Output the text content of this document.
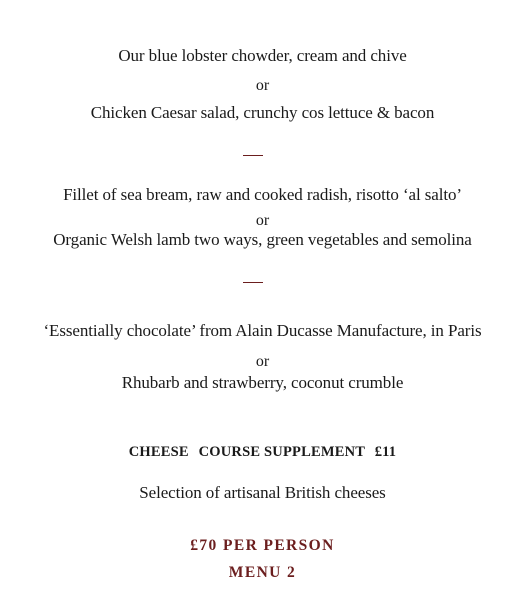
Our blue lobster chowder, cream and chive
or
Chicken Caesar salad, crunchy cos lettuce & bacon
Fillet of sea bream, raw and cooked radish, risotto ‘al salto’
or
Organic Welsh lamb two ways, green vegetables and semolina
‘Essentially chocolate’ from Alain Ducasse Manufacture, in Paris
or
Rhubarb and strawberry, coconut crumble
CHEESE COURSE SUPPLEMENT £11
Selection of artisanal British cheeses
£70 PER PERSON
MENU 2
